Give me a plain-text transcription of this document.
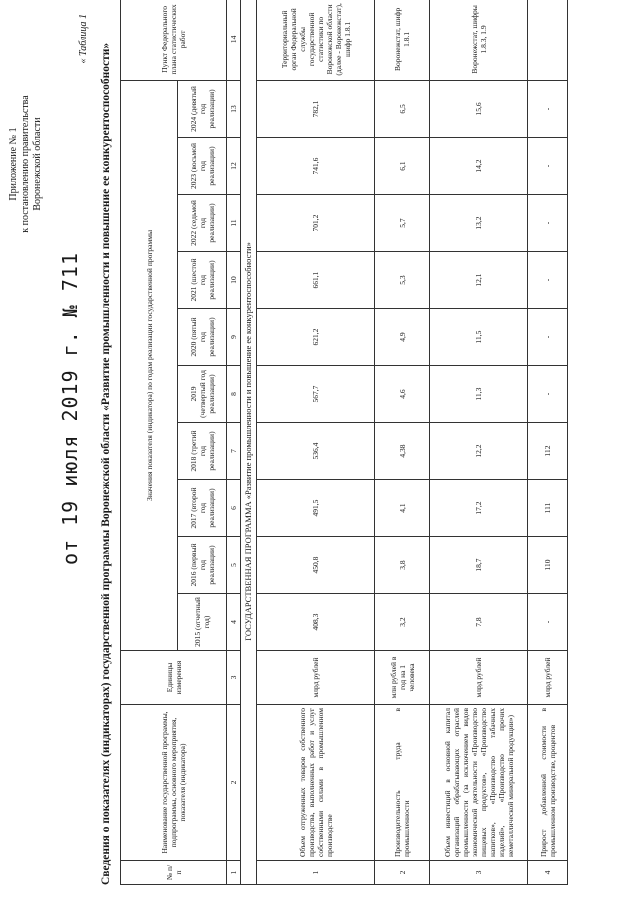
Приложение № 1 к постановлению правительства Воронежской области
от 19 июля 2019 г. № 711
« Таблица 1
Сведения о показателях (индикаторах) государственной программы Воронежской области «Развитие промышленности и повышение ее конкурентоспособности»	№ п/п	Наименование государственной программы, подпрограммы, основного мероприятия, показателя (индикатора)	Единицы измерения	Значения показателя (индикатора) по годам реализации государственной программы										Пункт Федерального плана статистических работ
			2015 (отчетный год)	2016 (первый год реализации)	2017 (второй год реализации)	2018 (третий год реализации)	2019 (четвертый год реализации)	2020 (пятый год реализации)	2021 (шестой год реализации)	2022 (седьмой год реализации)	2023 (восьмой год реализации)	2024 (девятый год реализации)	
1	2	3	4	5	6	7	8	9	10	11	12	13	14
ГОСУДАРСТВЕННАЯ ПРОГРАММА «Развитие промышленности и повышение ее конкурентоспособности»													
1	Объем отгруженных товаров собственного производства, выполненных работ и услуг собственными силами в промышленном производстве	млрд рублей	408,3	450,8	491,5	536,4	567,7	621,2	661,1	701,2	741,6	782,1	Территориальный орган Федеральной службы государственной статистики по Воронежской области (далее - Воронежстат), шифр 1.8.1
2	Производительность труда в промышленности	млн рублей в год на 1 человека	3,2	3,8	4,1	4,38	4,6	4,9	5,3	5,7	6,1	6,5	Воронежстат, шифр 1.8.1
3	Объем инвестиций в основной капитал организаций обрабатывающих отраслей промышленности (за исключением видов экономической деятельности «Производство пищевых продуктов», «Производство напитков», «Производство табачных изделий», «Производство прочих неметаллической минеральной продукции»)	млрд рублей	7,8	18,7	17,2	12,2	11,3	11,5	12,1	13,2	14,2	15,6	Воронежстат, шифры 1.8.3, 1.9
4	Прирост добавленной стоимости в промышленном производстве, процентов	млрд рублей	-	110	111	112	-	-	-	-	-	-	
